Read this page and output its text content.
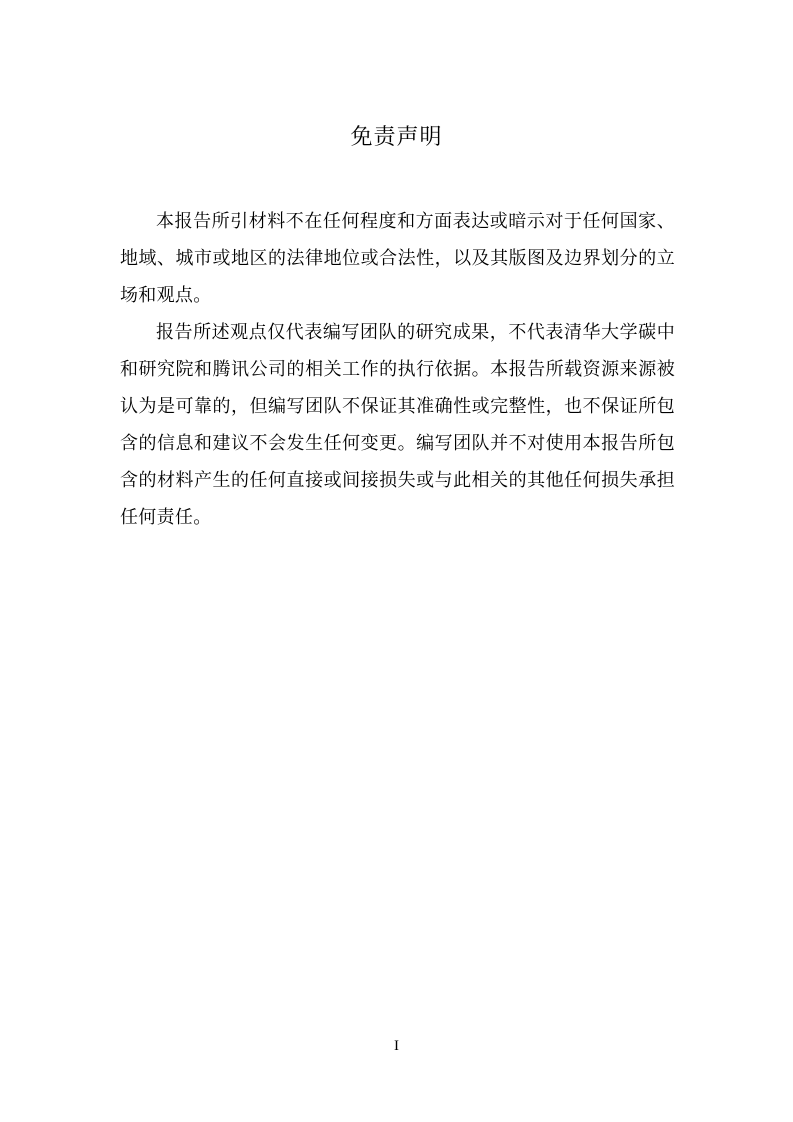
免责声明

本报告所引材料不在任何程度和方面表达或暗示对于任何国家、地域、城市或地区的法律地位或合法性，以及其版图及边界划分的立场和观点。

报告所述观点仅代表编写团队的研究成果，不代表清华大学碳中和研究院和腾讯公司的相关工作的执行依据。本报告所载资源来源被认为是可靠的，但编写团队不保证其准确性或完整性，也不保证所包含的信息和建议不会发生任何变更。编写团队并不对使用本报告所包含的材料产生的任何直接或间接损失或与此相关的其他任何损失承担任何责任。

I
